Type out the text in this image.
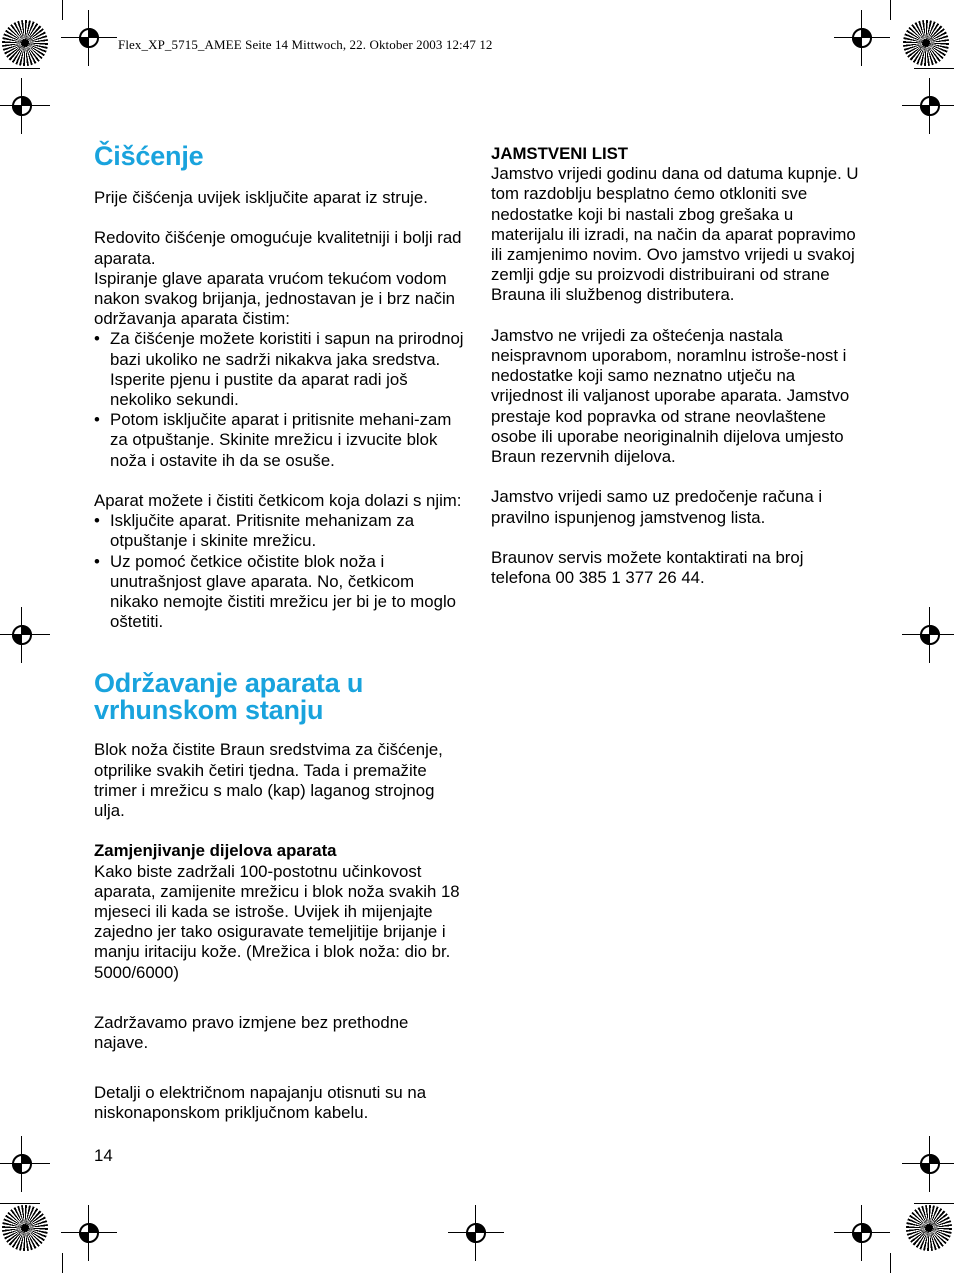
Flex_XP_5715_AMEE Seite 14 Mittwoch, 22. Oktober 2003 12:47 12
Čišćenje

Prije čišćenja uvijek isključite aparat iz struje.

Redovito čišćenje omogućuje kvalitetniji i bolji rad aparata.

Ispiranje glave aparata vrućom tekućom vodom nakon svakog brijanja, jednostavan je i brz način održavanja aparata čistim:

• Za čišćenje možete koristiti i sapun na prirodnoj bazi ukoliko ne sadrži nikakva jaka sredstva. Isperite pjenu i pustite da aparat radi još nekoliko sekundi.
• Potom isključite aparat i pritisnite mehani-zam za otpuštanje. Skinite mrežicu i izvucite blok noža i ostavite ih da se osuše.

Aparat možete i čistiti četkicom koja dolazi s njim:

• Isključite aparat. Pritisnite mehanizam za otpuštanje i skinite mrežicu.
• Uz pomoć četkice očistite blok noža i unutrašnjost glave aparata. No, četkicom nikako nemojte čistiti mrežicu jer bi je to moglo oštetiti.
Održavanje aparata u vrhunskom stanju

Blok noža čistite Braun sredstvima za čišćenje, otprilike svakih četiri tjedna. Tada i premažite trimer i mrežicu s malo (kap) laganog strojnog ulja.

Zamjenjivanje dijelova aparata

Kako biste zadržali 100-postotnu učinkovost aparata, zamijenite mrežicu i blok noža svakih 18 mjeseci ili kada se istroše. Uvijek ih mijenjajte zajedno jer tako osiguravate temeljitije brijanje i manju iritaciju kože. (Mrežica i blok noža: dio br. 5000/6000)

Zadržavamo pravo izmjene bez prethodne najave.

Detalji o električnom napajanju otisnuti su na niskonaponskom priključnom kabelu.

JAMSTVENI LIST

Jamstvo vrijedi godinu dana od datuma kupnje. U tom razdoblju besplatno ćemo otkloniti sve nedostatke koji bi nastali zbog grešaka u materijalu ili izradi, na način da aparat popravimo ili zamjenimo novim. Ovo jamstvo vrijedi u svakoj zemlji gdje su proizvodi distribuirani od strane Brauna ili službenog distributera.

Jamstvo ne vrijedi za oštećenja nastala neispravnom uporabom, noramlnu istroše-nost i nedostatke koji samo neznatno utječu na vrijednost ili valjanost uporabe aparata. Jamstvo prestaje kod popravka od strane neovlaštene osobe ili uporabe neoriginalnih dijelova umjesto Braun rezervnih dijelova.

Jamstvo vrijedi samo uz predočenje računa i pravilno ispunjenog jamstvenog lista.

Braunov servis možete kontaktirati na broj telefona 00 385 1 377 26 44.

14
